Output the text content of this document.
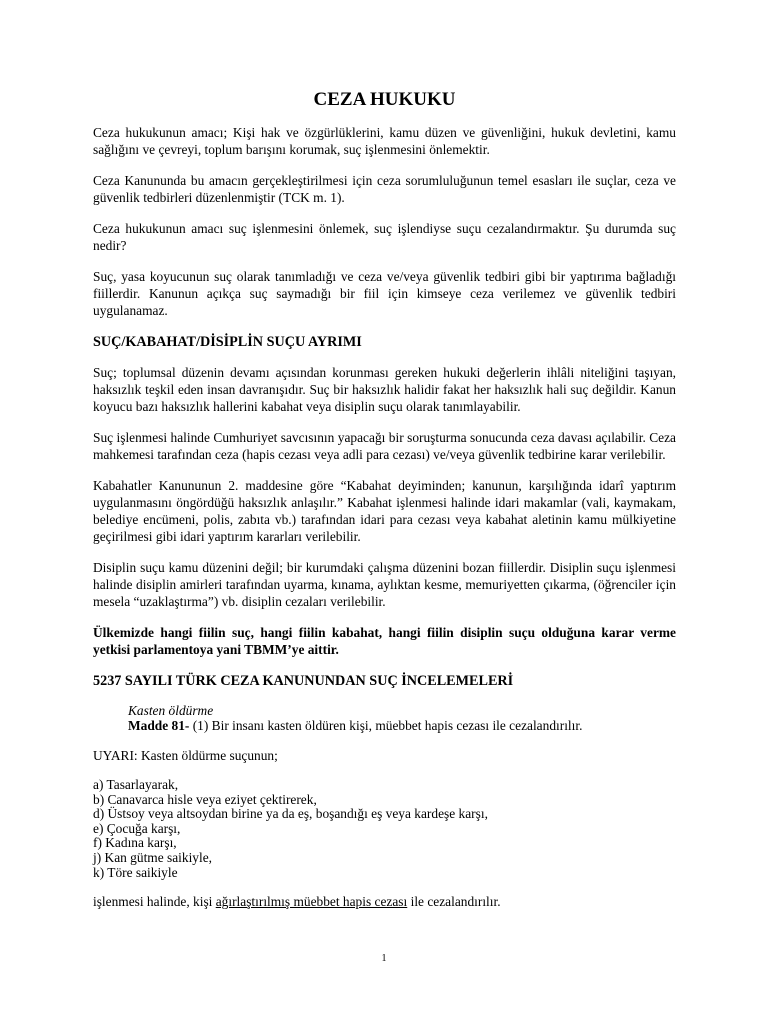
CEZA HUKUKU

Ceza hukukunun amacı; Kişi hak ve özgürlüklerini, kamu düzen ve güvenliğini, hukuk devletini, kamu sağlığını ve çevreyi, toplum barışını korumak, suç işlenmesini önlemektir.

Ceza Kanununda bu amacın gerçekleştirilmesi için ceza sorumluluğunun temel esasları ile suçlar, ceza ve güvenlik tedbirleri düzenlenmiştir (TCK m. 1).

Ceza hukukunun amacı suç işlenmesini önlemek, suç işlendiyse suçu cezalandırmaktır. Şu durumda suç nedir?

Suç, yasa koyucunun suç olarak tanımladığı ve ceza ve/veya güvenlik tedbiri gibi bir yaptırıma bağladığı fiillerdir. Kanunun açıkça suç saymadığı bir fiil için kimseye ceza verilemez ve güvenlik tedbiri uygulanamaz.

SUÇ/KABAHAT/DİSİPLİN SUÇU AYRIMI

Suç; toplumsal düzenin devamı açısından korunması gereken hukuki değerlerin ihlâli niteliğini taşıyan, haksızlık teşkil eden insan davranışıdır. Suç bir haksızlık halidir fakat her haksızlık hali suç değildir. Kanun koyucu bazı haksızlık hallerini kabahat veya disiplin suçu olarak tanımlayabilir.

Suç işlenmesi halinde Cumhuriyet savcısının yapacağı bir soruşturma sonucunda ceza davası açılabilir. Ceza mahkemesi tarafından ceza (hapis cezası veya adli para cezası) ve/veya güvenlik tedbirine karar verilebilir.

Kabahatler Kanununun 2. maddesine göre “Kabahat deyiminden; kanunun, karşılığında idarî yaptırım uygulanmasını öngördüğü haksızlık anlaşılır.” Kabahat işlenmesi halinde idari makamlar (vali, kaymakam, belediye encümeni, polis, zabıta vb.) tarafından idari para cezası veya kabahat aletinin kamu mülkiyetine geçirilmesi gibi idari yaptırım kararları verilebilir.

Disiplin suçu kamu düzenini değil; bir kurumdaki çalışma düzenini bozan fiillerdir. Disiplin suçu işlenmesi halinde disiplin amirleri tarafından uyarma, kınama, aylıktan kesme, memuriyetten çıkarma, (öğrenciler için mesela “uzaklaştırma”) vb. disiplin cezaları verilebilir.

Ülkemizde hangi fiilin suç, hangi fiilin kabahat, hangi fiilin disiplin suçu olduğuna karar verme yetkisi parlamentoya yani TBMM’ye aittir.

5237 SAYILI TÜRK CEZA KANUNUNDAN SUÇ İNCELEMELERİ
Kasten öldürme
Madde 81- (1) Bir insanı kasten öldüren kişi, müebbet hapis cezası ile cezalandırılır.

UYARI: Kasten öldürme suçunun;

a) Tasarlayarak,
b) Canavarca hisle veya eziyet çektirerek,
d) Üstsoy veya altsoydan birine ya da eş, boşandığı eş veya kardeşe karşı,
e) Çocuğa karşı,
f) Kadına karşı,
j) Kan gütme saikiyle,
k) Töre saikiyle

işlenmesi halinde, kişi ağırlaştırılmış müebbet hapis cezası ile cezalandırılır.

1
